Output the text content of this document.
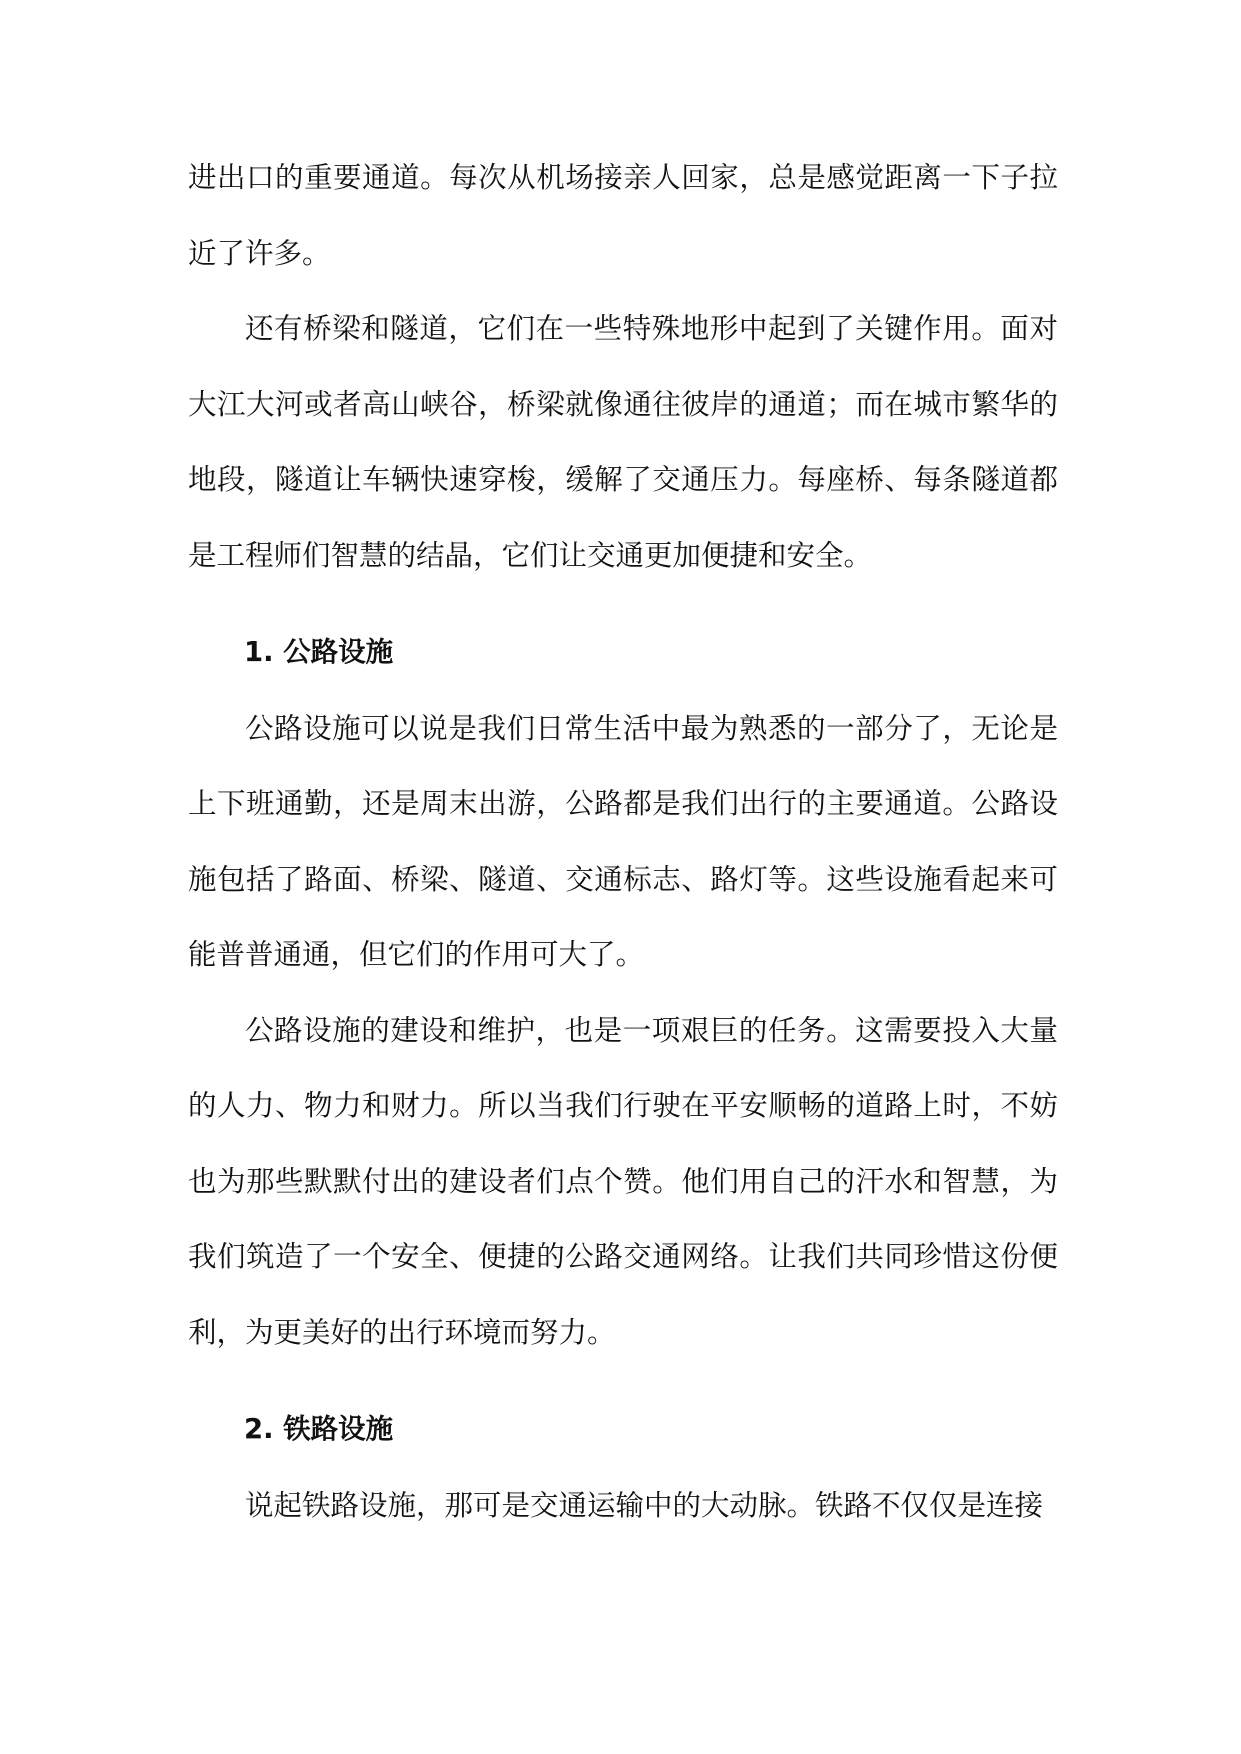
进出口的重要通道。每次从机场接亲人回家，总是感觉距离一下子拉近了许多。

还有桥梁和隧道，它们在一些特殊地形中起到了关键作用。面对大江大河或者高山峡谷，桥梁就像通往彼岸的通道；而在城市繁华的地段，隧道让车辆快速穿梭，缓解了交通压力。每座桥、每条隧道都是工程师们智慧的结晶，它们让交通更加便捷和安全。

1. 公路设施

公路设施可以说是我们日常生活中最为熟悉的一部分了，无论是上下班通勤，还是周末出游，公路都是我们出行的主要通道。公路设施包括了路面、桥梁、隧道、交通标志、路灯等。这些设施看起来可能普普通通，但它们的作用可大了。

公路设施的建设和维护，也是一项艰巨的任务。这需要投入大量的人力、物力和财力。所以当我们行驶在平安顺畅的道路上时，不妨也为那些默默付出的建设者们点个赞。他们用自己的汗水和智慧，为我们筑造了一个安全、便捷的公路交通网络。让我们共同珍惜这份便利，为更美好的出行环境而努力。

2. 铁路设施

说起铁路设施，那可是交通运输中的大动脉。铁路不仅仅是连接
